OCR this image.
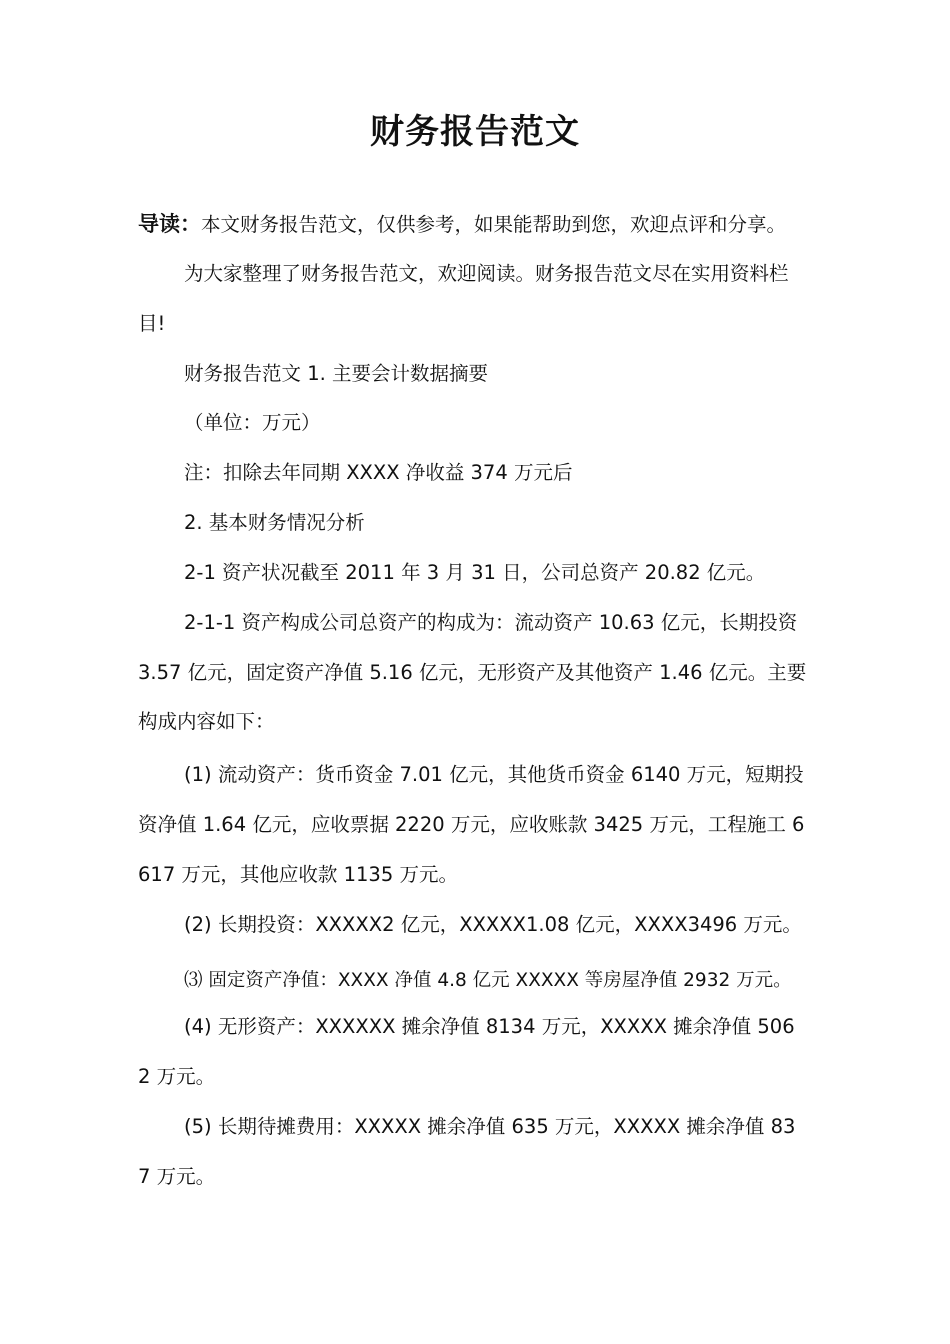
财务报告范文
导读：本文财务报告范文，仅供参考，如果能帮助到您，欢迎点评和分享。
为大家整理了财务报告范文，欢迎阅读。财务报告范文尽在实用资料栏
目!
财务报告范文 1. 主要会计数据摘要
（单位：万元）
注：扣除去年同期 XXXX 净收益 374 万元后
2. 基本财务情况分析
2-1 资产状况截至 2011 年 3 月 31 日，公司总资产 20.82 亿元。
2-1-1 资产构成公司总资产的构成为：流动资产 10.63 亿元，长期投资
3.57 亿元，固定资产净值 5.16 亿元，无形资产及其他资产 1.46 亿元。主要
构成内容如下：
(1) 流动资产：货币资金 7.01 亿元，其他货币资金 6140 万元，短期投
资净值 1.64 亿元，应收票据 2220 万元，应收账款 3425 万元，工程施工 6
617 万元，其他应收款 1135 万元。
(2) 长期投资：XXXXX2 亿元，XXXXX1.08 亿元，XXXX3496 万元。
⑶ 固定资产净值：XXXX 净值 4.8 亿元 XXXXX 等房屋净值 2932 万元。
(4) 无形资产：XXXXXX 摊余净值 8134 万元，XXXXX 摊余净值 506
2 万元。
(5) 长期待摊费用：XXXXX 摊余净值 635 万元，XXXXX 摊余净值 83
7 万元。
